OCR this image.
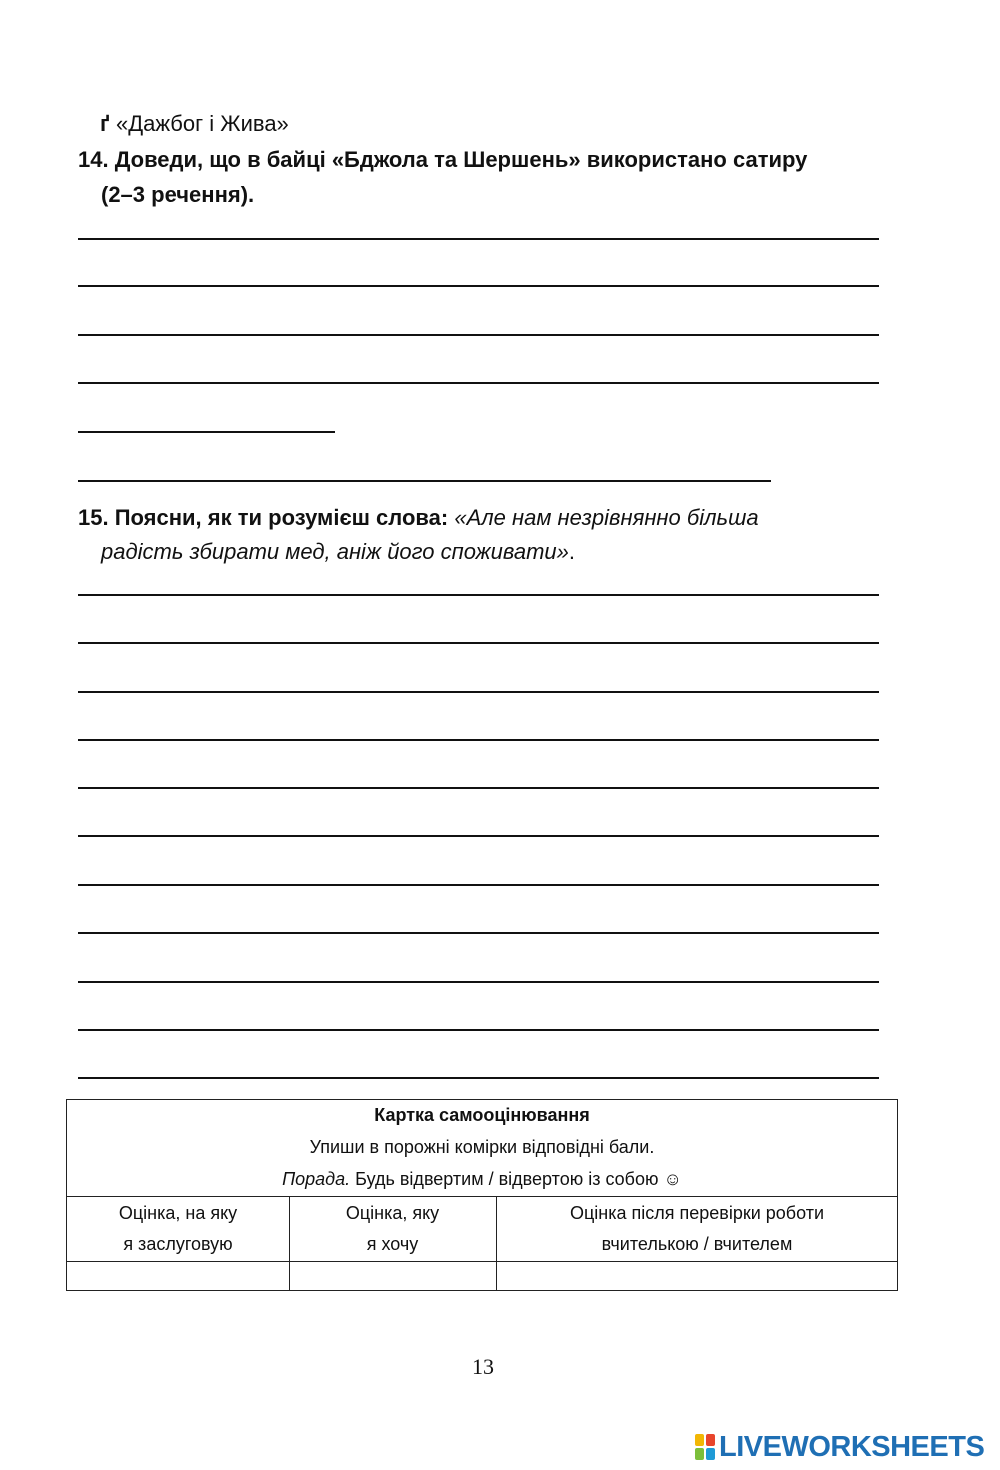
ґ «Дажбог і Жива»
14. Доведи, що в байці «Бджола та Шершень» використано сатиру
(2–3 речення).
15. Поясни, як ти розумієш слова: «Але нам незрівнянно більша
радість збирати мед, аніж його споживати».
Картка самооцінювання
Упиши в порожні комірки відповідні бали.
Порада. Будь відвертим / відвертою із собою ☺
Оцінка, на яку
я заслуговую
Оцінка, яку
я хочу
Оцінка після перевірки роботи
вчителькою / вчителем
13
LIVEWORKSHEETS
